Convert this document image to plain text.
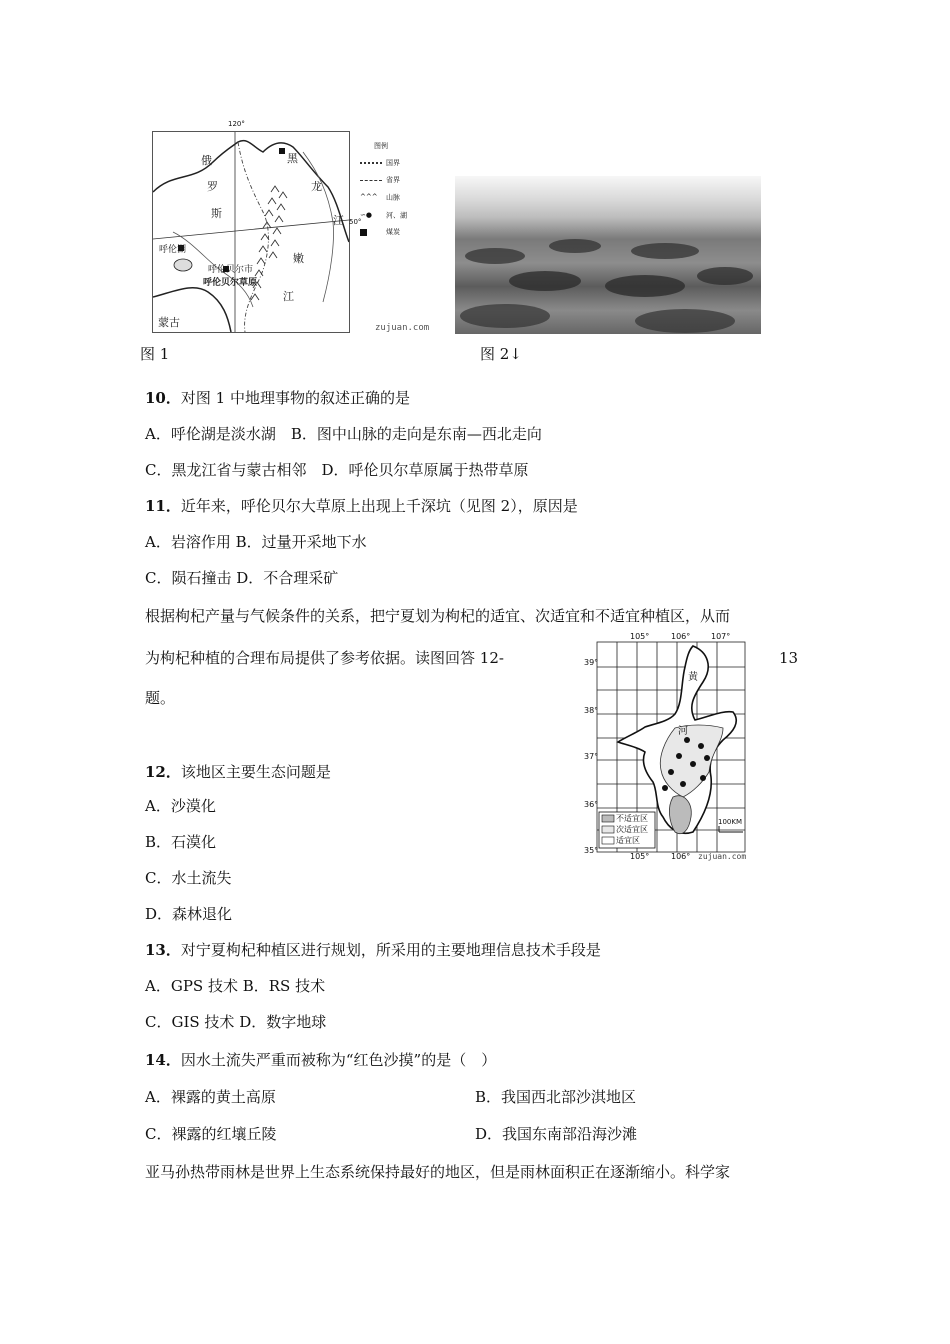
俄
罗
斯
黑
龙
江
嫩
江
蒙古
呼伦湖
呼伦贝尔市
呼伦贝尔草原
120°
50°
zujuan.com
图例
国界
省界
^^^ 山脉
∽● 河、湖
煤炭
图 1	图 2↓
10．对图 1 中地理事物的叙述正确的是
A．呼伦湖是淡水湖　B．图中山脉的走向是东南—西北走向
C．黑龙江省与蒙古相邻　D．呼伦贝尔草原属于热带草原
11．近年来，呼伦贝尔大草原上出现上千深坑（见图 2），原因是
A．岩溶作用 B．过量开采地下水
C．陨石撞击 D．不合理采矿
根据枸杞产量与气候条件的关系，把宁夏划为枸杞的适宜、次适宜和不适宜种植区，从而
为枸杞种植的合理布局提供了参考依据。读图回答 12-	13
题。
105°	106°	107°
39°
38°
37°
36°
35°
黄
河
不适宜区
次适宜区
适宜区
100KM
105°	106° zujuan.com
12．该地区主要生态问题是
A．沙漠化
B．石漠化
C．水土流失
D．森林退化
13．对宁夏枸杞种植区进行规划，所采用的主要地理信息技术手段是
A．GPS 技术 B．RS 技术
C．GIS 技术 D．数字地球
14．因水土流失严重而被称为“红色沙摸”的是（　）
A．裸露的黄土高原	B．我国西北部沙淇地区
C．裸露的红壤丘陵	D．我国东南部沿海沙滩
亚马孙热带雨林是世界上生态系统保持最好的地区，但是雨林面积正在逐渐缩小。科学家
